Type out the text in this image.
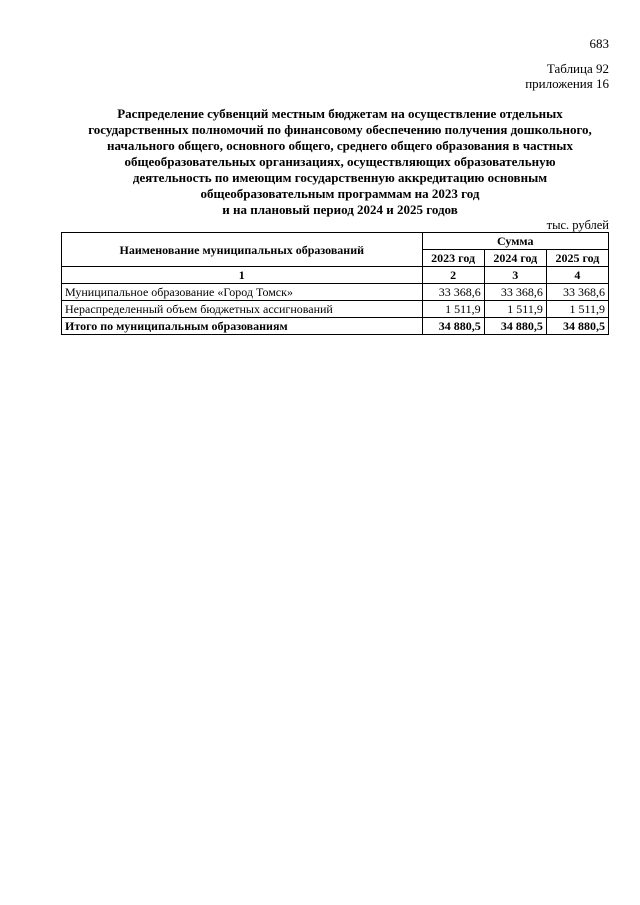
683
Таблица 92
приложения 16
Распределение субвенций местным бюджетам на осуществление отдельных
государственных полномочий по финансовому обеспечению получения дошкольного,
начального общего, основного общего, среднего общего образования в частных
общеобразовательных организациях, осуществляющих образовательную
деятельность по имеющим государственную аккредитацию основным
общеобразовательным программам на 2023 год
и на плановый период 2024 и 2025 годов
тыс. рублей
Наименование муниципальных образований	Сумма		
	2023 год	2024 год	2025 год
1	2	3	4
Муниципальное образование «Город Томск»	33 368,6	33 368,6	33 368,6
Нераспределенный объем бюджетных ассигнований	1 511,9	1 511,9	1 511,9
Итого по муниципальным образованиям	34 880,5	34 880,5	34 880,5
